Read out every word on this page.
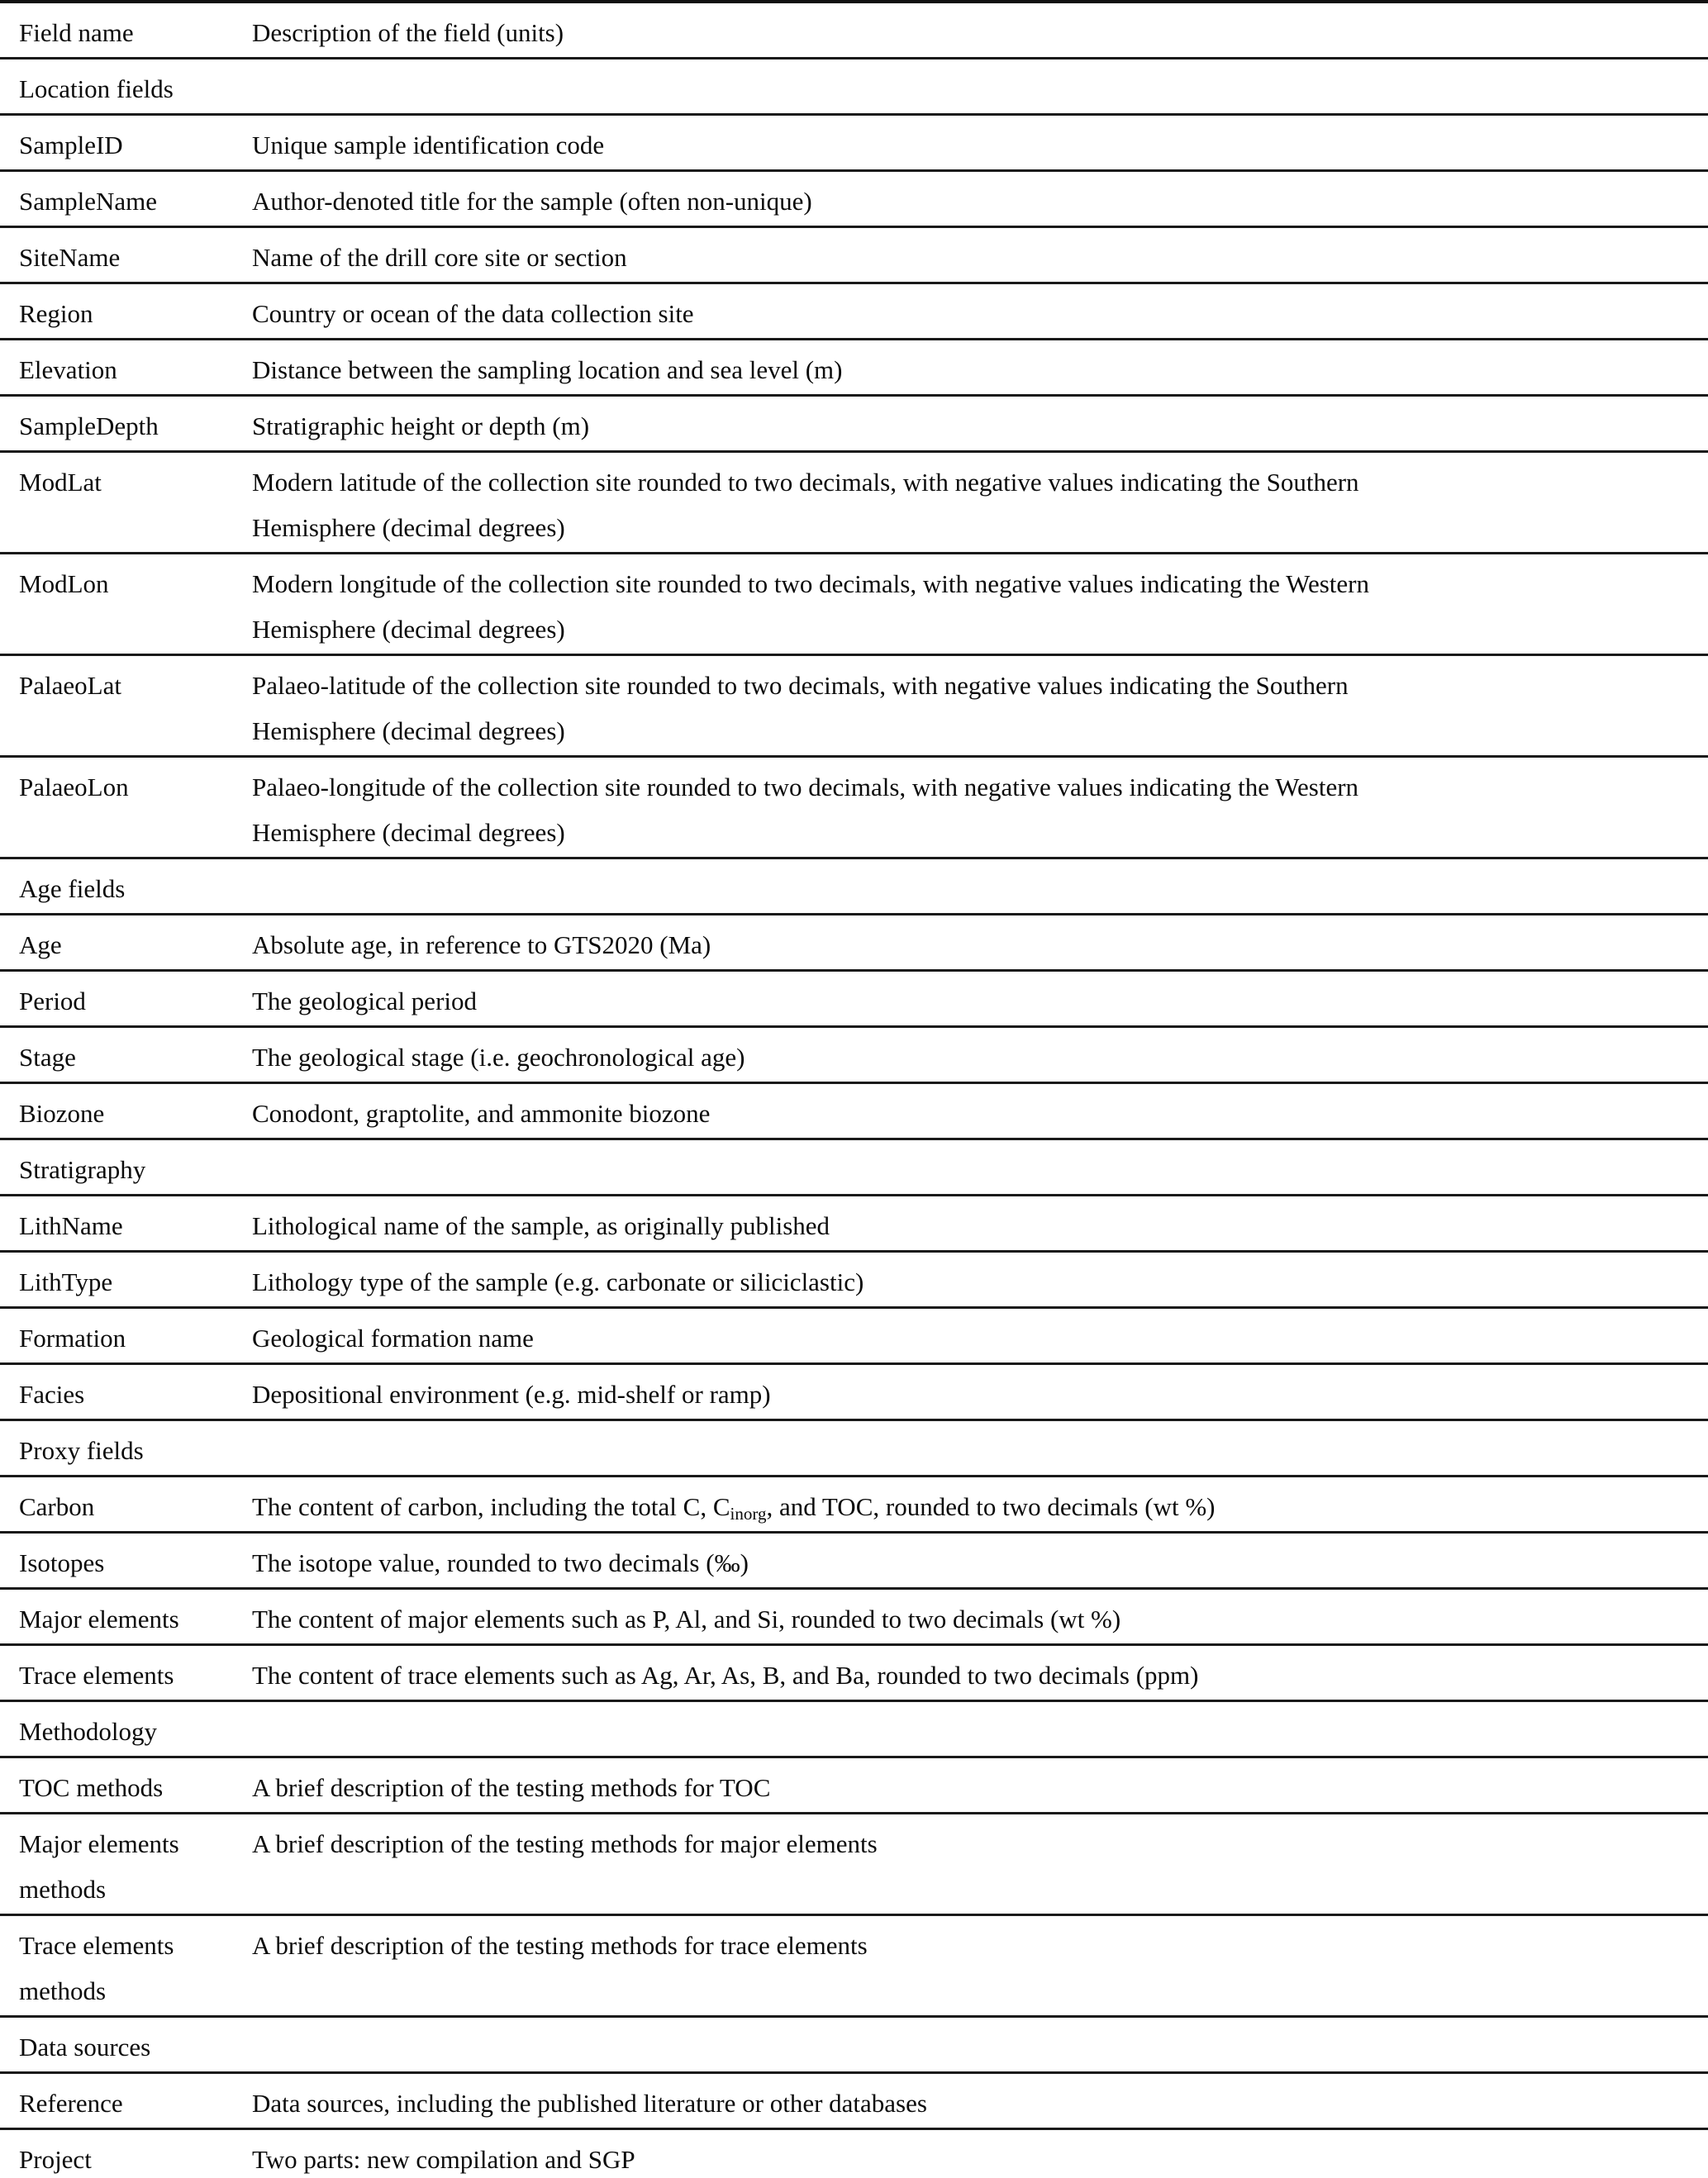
Field name	Description of the field (units)
Location fields	
SampleID	Unique sample identification code

SampleName	Author-denoted title for the sample (often non-unique)

SiteName	Name of the drill core site or section

Region	Country or ocean of the data collection site

Elevation	Distance between the sampling location and sea level (m)

SampleDepth	Stratigraphic height or depth (m)

ModLat	Modern latitude of the collection site rounded to two decimals, with negative values indicating the Southern
Hemisphere (decimal degrees)

ModLon	Modern longitude of the collection site rounded to two decimals, with negative values indicating the Western
Hemisphere (decimal degrees)

PalaeoLat	Palaeo-latitude of the collection site rounded to two decimals, with negative values indicating the Southern
Hemisphere (decimal degrees)

PalaeoLon	Palaeo-longitude of the collection site rounded to two decimals, with negative values indicating the Western
Hemisphere (decimal degrees)

Age fields	
Age	Absolute age, in reference to GTS2020 (Ma)

Period	The geological period

Stage	The geological stage (i.e. geochronological age)

Biozone	Conodont, graptolite, and ammonite biozone

Stratigraphy	
LithName	Lithological name of the sample, as originally published

LithType	Lithology type of the sample (e.g. carbonate or siliciclastic)

Formation	Geological formation name

Facies	Depositional environment (e.g. mid-shelf or ramp)

Proxy fields	
Carbon	The content of carbon, including the total C, $C_{inorg}$, and TOC, rounded to two decimals (wt %)

Isotopes	The isotope value, rounded to two decimals (‰)

Major elements	The content of major elements such as P, Al, and Si, rounded to two decimals (wt %)

Trace elements	The content of trace elements such as Ag, Ar, As, B, and Ba, rounded to two decimals (ppm)

Methodology	
TOC methods	A brief description of the testing methods for TOC

Major elements methods	A brief description of the testing methods for major elements

Trace elements methods	A brief description of the testing methods for trace elements

Data sources	
Reference	Data sources, including the published literature or other databases

Project	Two parts: new compilation and SGP
